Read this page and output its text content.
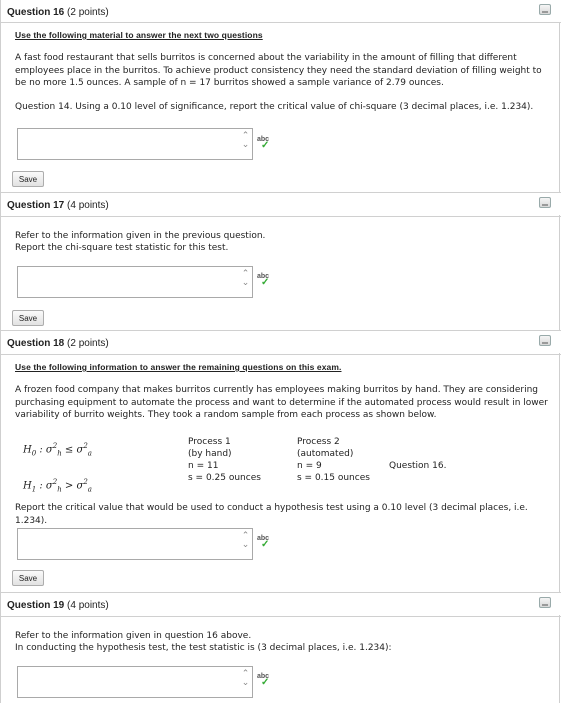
Question 16 (2 points)
Use the following material to answer the next two questions
A fast food restaurant that sells burritos is concerned about the variability in the amount of filling that different employees place in the burritos. To achieve product consistency they need the standard deviation of filling weight to be no more 1.5 ounces. A sample of n = 17 burritos showed a sample variance of 2.79 ounces.
Question 14. Using a 0.10 level of significance, report the critical value of chi-square (3 decimal places, i.e. 1.234).
⌃
⌄
abc
✓
Save
Question 17 (4 points)
Refer to the information given in the previous question.
Report the chi-square test statistic for this test.
⌃
⌄
abc
✓
Save
Question 18 (2 points)
Use the following information to answer the remaining questions on this exam.
A frozen food company that makes burritos currently has employees making burritos by hand. They are considering purchasing equipment to automate the process and want to determine if the automated process would result in lower variability of burrito weights. They took a random sample from each process as shown below.
$H_0$ : $\sigma^2_h \le \sigma^2_a$
$H_1$ : $\sigma^2_h > \sigma^2_a$
Process 1
(by hand)
n = 11
s = 0.25 ounces
Process 2
(automated)
n = 9
s = 0.15 ounces
Question 16.
Report the critical value that would be used to conduct a hypothesis test using a 0.10 level (3 decimal places, i.e. 1.234).
⌃
⌄
abc
✓
Save
Question 19 (4 points)
Refer to the information given in question 16 above.
In conducting the hypothesis test, the test statistic is (3 decimal places, i.e. 1.234):
⌃
⌄
abc
✓
